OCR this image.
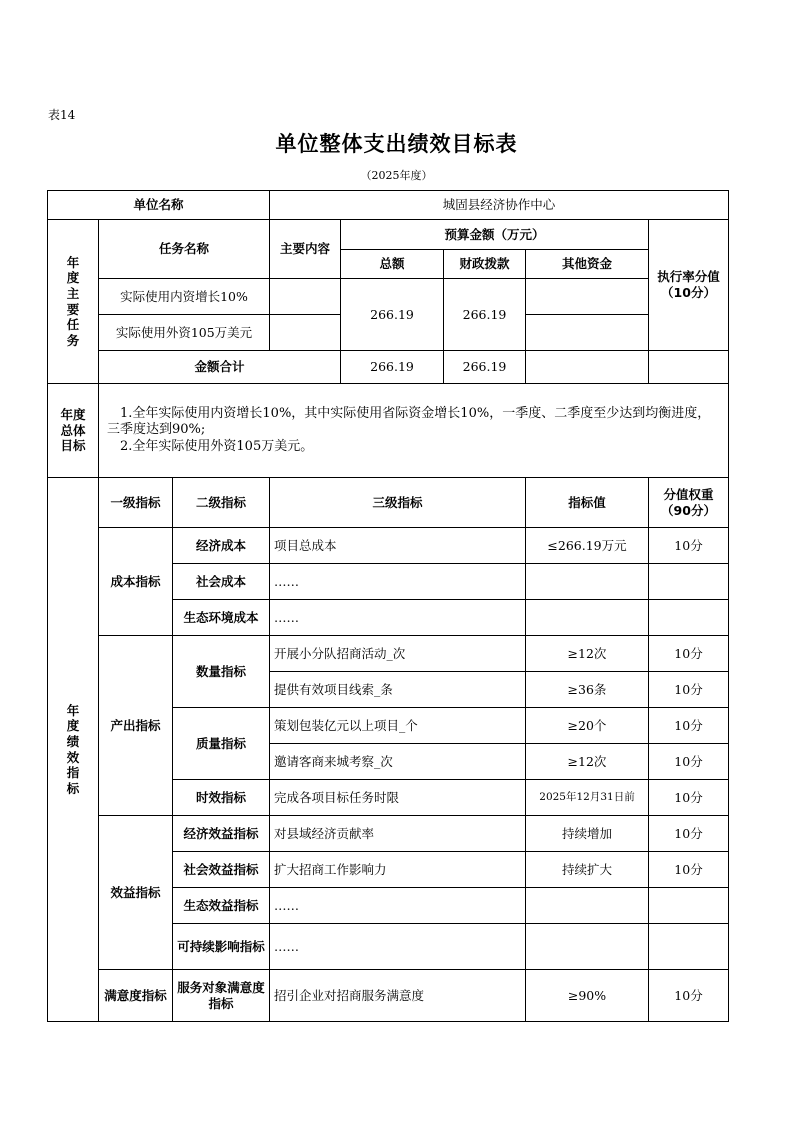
表14
单位整体支出绩效目标表
（2025年度）
单位名称			城固县经济协作中心				
年度主要任务	任务名称		主要内容	预算金额（万元）			执行率分值（10分）
				总额	财政拨款	其他资金	
	实际使用内资增长10%			266.19	266.19		
	实际使用外资105万美元						
	金额合计			266.19	266.19		
年度总体目标	1.全年实际使用内资增长10%，其中实际使用省际资金增长10%，一季度、二季度至少达到均衡进度，三季度达到90%;
2.全年实际使用外资105万美元。						

年度绩效指标	一级指标	二级指标	三级指标			指标值	分值权重（90分）
	成本指标	经济成本	项目总成本			≤266.19万元	10分
		社会成本	……				
		生态环境成本	……				
	产出指标	数量指标	开展小分队招商活动_次			≥12次	10分
			提供有效项目线索_条			≥36条	10分
		质量指标	策划包装亿元以上项目_个			≥20个	10分
			邀请客商来城考察_次			≥12次	10分
		时效指标	完成各项目标任务时限			2025年12月31日前	10分
	效益指标	经济效益指标	对县域经济贡献率			持续增加	10分
		社会效益指标	扩大招商工作影响力			持续扩大	10分
		生态效益指标	……				
		可持续影响指标	……				
	满意度指标	服务对象满意度指标	招引企业对招商服务满意度			≥90%	10分
